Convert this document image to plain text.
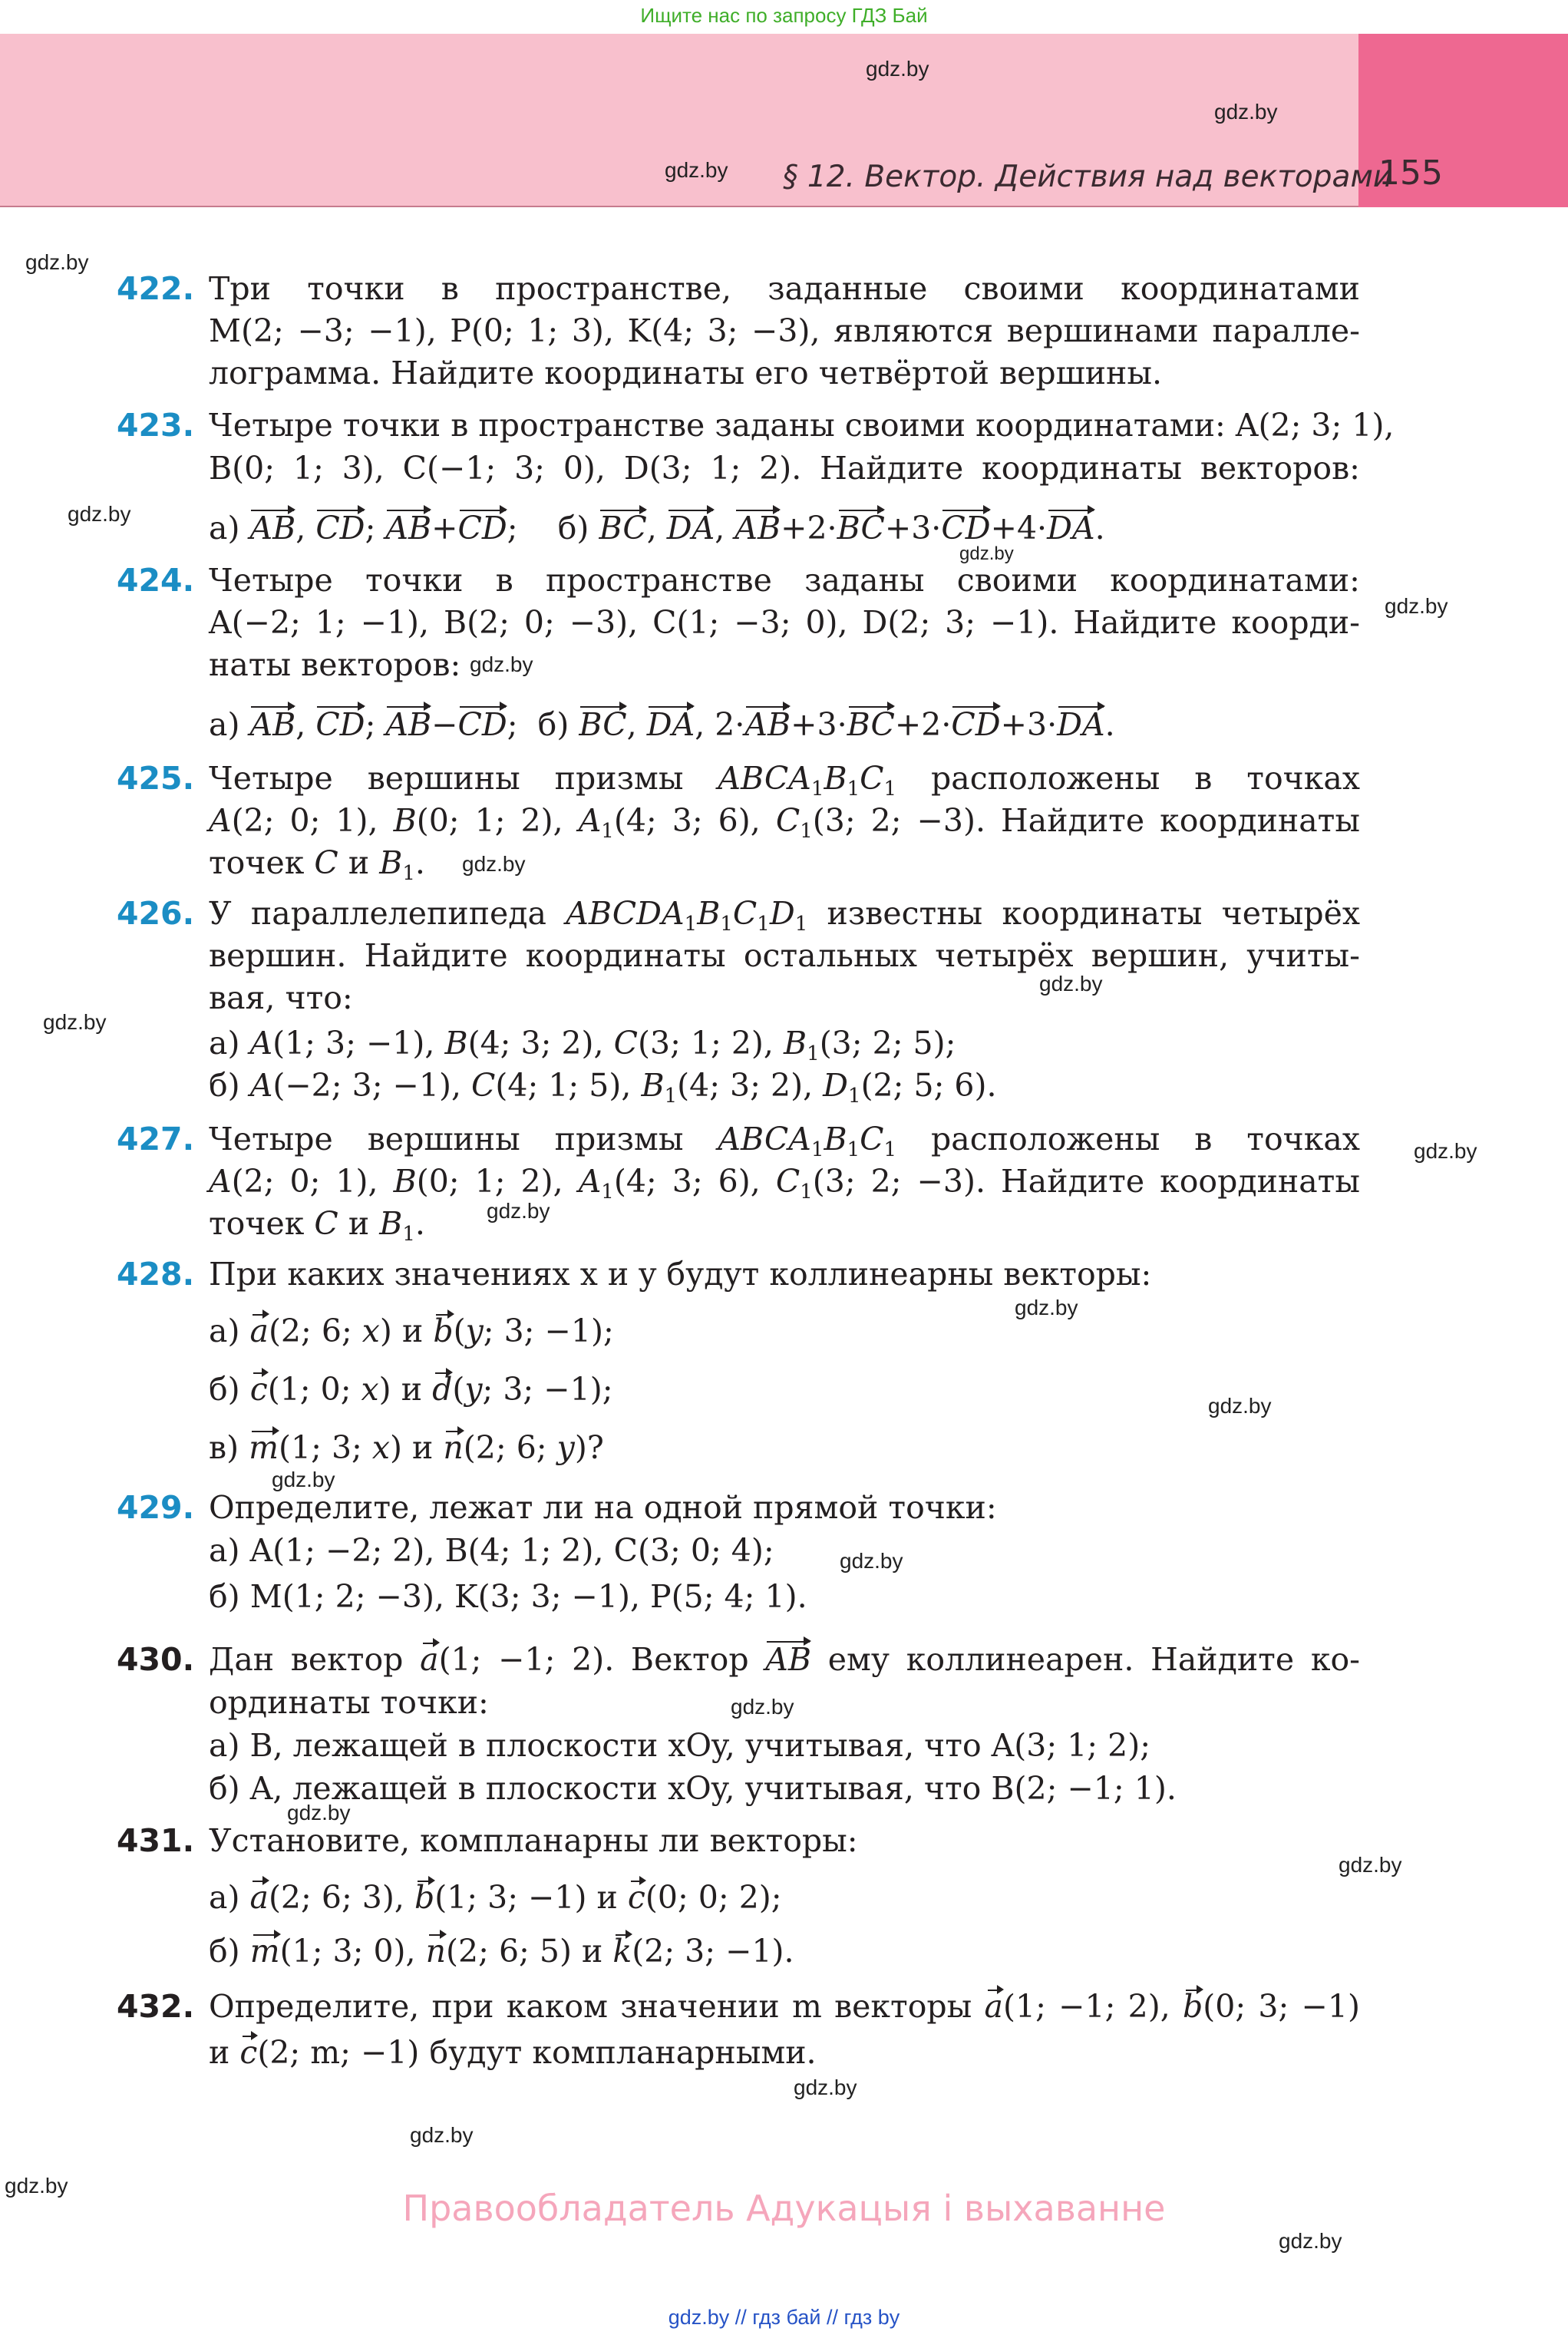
Ищите нас по запросу ГДЗ Бай
155
§ 12. Вектор. Действия над векторами
gdz.by
gdz.by
gdz.by
gdz.by
gdz.by
gdz.by
gdz.by
gdz.by
gdz.by
gdz.by
gdz.by
gdz.by
gdz.by
gdz.by
gdz.by
gdz.by
gdz.by
gdz.by
gdz.by
gdz.by
gdz.by
gdz.by
gdz.by
gdz.by
422. Три точки в пространстве, заданные своими координатами
M(2; −3; −1), P(0; 1; 3), K(4; 3; −3), являются вершинами паралле-
лограмма. Найдите координаты его четвёртой вершины.
423. Четыре точки в пространстве заданы своими координатами: A(2; 3; 1),
B(0; 1; 3), C(−1; 3; 0), D(3; 1; 2). Найдите координаты векторов:
а) AB, CD; AB+CD;    б) BC, DA, AB+2·BC+3·CD+4·DA.
424. Четыре точки в пространстве заданы своими координатами:
A(−2; 1; −1), B(2; 0; −3), C(1; −3; 0), D(2; 3; −1). Найдите коорди-
наты векторов:
а) AB, CD; AB−CD;  б) BC, DA, 2·AB+3·BC+2·CD+3·DA.
425. Четыре вершины призмы $ABCA_1B_1C_1$ расположены в точках
A(2; 0; 1), B(0; 1; 2), $A_1(4$; 3; 6), $C_1(3$; 2; −3). Найдите координаты
точек C и $B_1$.
426. У параллелепипеда $ABCDA_1B_1C_1D_1$ известны координаты четырёх
вершин. Найдите координаты остальных четырёх вершин, учиты-
вая, что:
а) A(1; 3; −1), B(4; 3; 2), C(3; 1; 2), $B_1(3$; 2; 5);
б) A(−2; 3; −1), C(4; 1; 5), $B_1(4$; 3; 2), $D_1(2$; 5; 6).
427. Четыре вершины призмы $ABCA_1B_1C_1$ расположены в точках
A(2; 0; 1), B(0; 1; 2), $A_1(4$; 3; 6), $C_1(3$; 2; −3). Найдите координаты
точек C и $B_1$.
428. При каких значениях x и y будут коллинеарны векторы:
а) a(2; 6; x) и b(y; 3; −1);
б) c(1; 0; x) и d(y; 3; −1);
в) m(1; 3; x) и n(2; 6; y)?
429. Определите, лежат ли на одной прямой точки:
а) A(1; −2; 2), B(4; 1; 2), C(3; 0; 4);
б) M(1; 2; −3), K(3; 3; −1), P(5; 4; 1).
430. Дан вектор a(1; −1; 2). Вектор AB ему коллинеарен. Найдите ко-
ординаты точки:
а) B, лежащей в плоскости xOy, учитывая, что A(3; 1; 2);
б) A, лежащей в плоскости xOy, учитывая, что B(2; −1; 1).
431. Установите, компланарны ли векторы:
а) a(2; 6; 3), b(1; 3; −1) и c(0; 0; 2);
б) m(1; 3; 0), n(2; 6; 5) и k(2; 3; −1).
432. Определите, при каком значении m векторы a(1; −1; 2), b(0; 3; −1)
и c(2; m; −1) будут компланарными.
Правообладатель Адукацыя і выхаванне
gdz.by // гдз бай // гдз by
